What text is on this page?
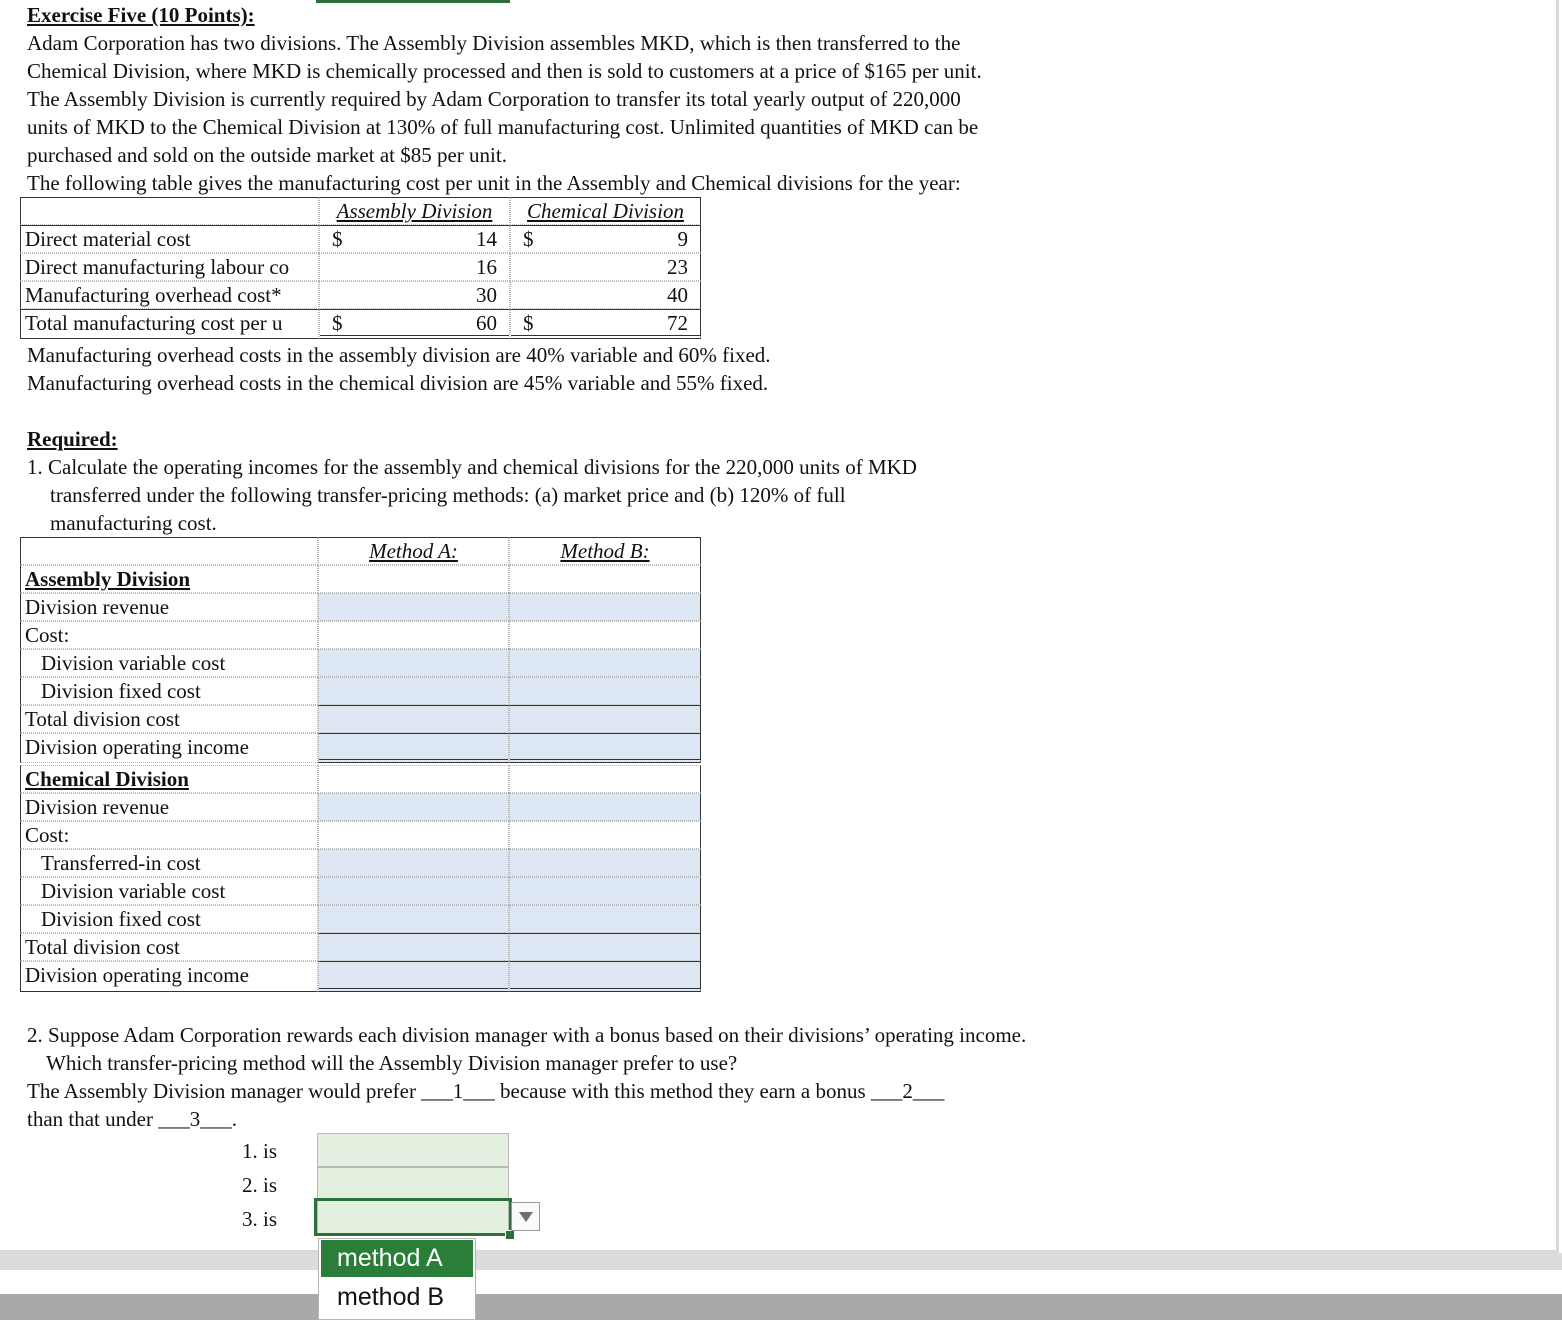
Exercise Five (10 Points):
Adam Corporation has two divisions. The Assembly Division assembles MKD, which is then transferred to the
Chemical Division, where MKD is chemically processed and then is sold to customers at a price of $165 per unit.
The Assembly Division is currently required by Adam Corporation to transfer its total yearly output of 220,000
units of MKD to the Chemical Division at 130% of full manufacturing cost. Unlimited quantities of MKD can be
purchased and sold on the outside market at $85 per unit.
The following table gives the manufacturing cost per unit in the Assembly and Chemical divisions for the year:
Assembly Division	Chemical Division
Direct material cost	$	14	$	9
Direct manufacturing labour co	16	23
Manufacturing overhead cost*	30	40
Total manufacturing cost per u	$	60	$	72
Manufacturing overhead costs in the assembly division are 40% variable and 60% fixed.
Manufacturing overhead costs in the chemical division are 45% variable and 55% fixed.
Required:
1. Calculate the operating incomes for the assembly and chemical divisions for the 220,000 units of MKD
transferred under the following transfer-pricing methods: (a) market price and (b) 120% of full
manufacturing cost.
Method A:	Method B:
Assembly Division
Division revenue
Cost:
Division variable cost
Division fixed cost
Total division cost
Division operating income
Chemical Division
Division revenue
Cost:
Transferred-in cost
Division variable cost
Division fixed cost
Total division cost
Division operating income
2. Suppose Adam Corporation rewards each division manager with a bonus based on their divisions’ operating income.
Which transfer-pricing method will the Assembly Division manager prefer to use?
The Assembly Division manager would prefer ___1___ because with this method they earn a bonus ___2___
than that under ___3___.
1. is
2. is
3. is
method A
method B
